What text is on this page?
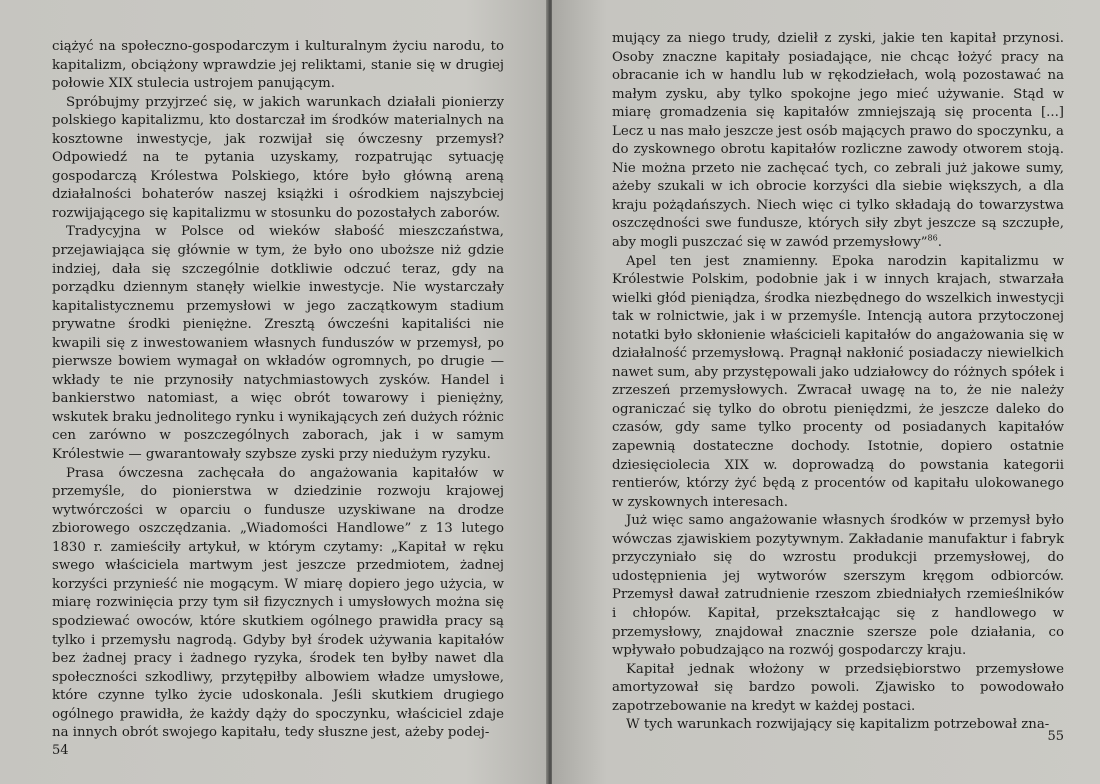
ciążyć na społeczno-gospodarczym i kulturalnym życiu narodu, to kapitalizm, obciążony wprawdzie jej reliktami, stanie się w drugiej połowie XIX stulecia ustrojem panującym.

Spróbujmy przyjrzeć się, w jakich warunkach działali pionierzy polskiego kapitalizmu, kto dostarczał im środków materialnych na kosztowne inwestycje, jak rozwijał się ówczesny przemysł? Odpowiedź na te pytania uzyskamy, rozpatrując sytuację gospodarczą Królestwa Polskiego, które było główną areną działalności bohaterów naszej książki i ośrodkiem najszybciej rozwijającego się kapitalizmu w stosunku do pozostałych zaborów.

Tradycyjna w Polsce od wieków słabość mieszczaństwa, przejawiająca się głównie w tym, że było ono uboższe niż gdzie indziej, dała się szczególnie dotkliwie odczuć teraz, gdy na porządku dziennym stanęły wielkie inwestycje. Nie wystarczały kapitalistycznemu przemysłowi w jego zaczątkowym stadium prywatne środki pieniężne. Zresztą ówcześni kapitaliści nie kwapili się z inwestowaniem własnych funduszów w przemysł, po pierwsze bowiem wymagał on wkładów ogromnych, po drugie — wkłady te nie przynosiły natychmiastowych zysków. Handel i bankierstwo natomiast, a więc obrót towarowy i pieniężny, wskutek braku jednolitego rynku i wynikających zeń dużych różnic cen zarówno w poszczególnych zaborach, jak i w samym Królestwie — gwarantowały szybsze zyski przy niedużym ryzyku.

Prasa ówczesna zachęcała do angażowania kapitałów w przemyśle, do pionierstwa w dziedzinie rozwoju krajowej wytwórczości w oparciu o fundusze uzyskiwane na drodze zbiorowego oszczędzania. „Wiadomości Handlowe” z 13 lutego 1830 r. zamieściły artykuł, w którym czytamy: „Kapitał w ręku swego właściciela martwym jest jeszcze przedmiotem, żadnej korzyści przynieść nie mogącym. W miarę dopiero jego użycia, w miarę rozwinięcia przy tym sił fizycznych i umysłowych można się spodziewać owoców, które skutkiem ogólnego prawidła pracy są tylko i przemysłu nagrodą. Gdyby był środek używania kapitałów bez żadnej pracy i żadnego ryzyka, środek ten byłby nawet dla społeczności szkodliwy, przytępiłby albowiem władze umysłowe, które czynne tylko życie udoskonala. Jeśli skutkiem drugiego ogólnego prawidła, że każdy dąży do spoczynku, właściciel zdaje na innych obrót swojego kapitału, tedy słuszne jest, ażeby podej-

54

mujący za niego trudy, dzielił z zyski, jakie ten kapitał przynosi. Osoby znaczne kapitały posiadające, nie chcąc łożyć pracy na obracanie ich w handlu lub w rękodziełach, wolą pozostawać na małym zysku, aby tylko spokojne jego mieć używanie. Stąd w miarę gromadzenia się kapitałów zmniejszają się procenta [...] Lecz u nas mało jeszcze jest osób mających prawo do spoczynku, a do zyskownego obrotu kapitałów rozliczne zawody otworem stoją. Nie można przeto nie zachęcać tych, co zebrali już jakowe sumy, ażeby szukali w ich obrocie korzyści dla siebie większych, a dla kraju pożądańszych. Niech więc ci tylko składają do towarzystwa oszczędności swe fundusze, których siły zbyt jeszcze są szczupłe, aby mogli puszczać się w zawód przemysłowy”$^{86}$.

Apel ten jest znamienny. Epoka narodzin kapitalizmu w Królestwie Polskim, podobnie jak i w innych krajach, stwarzała wielki głód pieniądza, środka niezbędnego do wszelkich inwestycji tak w rolnictwie, jak i w przemyśle. Intencją autora przytoczonej notatki było skłonienie właścicieli kapitałów do angażowania się w działalność przemysłową. Pragnął nakłonić posiadaczy niewielkich nawet sum, aby przystępowali jako udziałowcy do różnych spółek i zrzeszeń przemysłowych. Zwracał uwagę na to, że nie należy ograniczać się tylko do obrotu pieniędzmi, że jeszcze daleko do czasów, gdy same tylko procenty od posiadanych kapitałów zapewnią dostateczne dochody. Istotnie, dopiero ostatnie dziesięciolecia XIX w. doprowadzą do powstania kategorii rentierów, którzy żyć będą z procentów od kapitału ulokowanego w zyskownych interesach.

Już więc samo angażowanie własnych środków w przemysł było wówczas zjawiskiem pozytywnym. Zakładanie manufaktur i fabryk przyczyniało się do wzrostu produkcji przemysłowej, do udostępnienia jej wytworów szerszym kręgom odbiorców. Przemysł dawał zatrudnienie rzeszom zbiedniałych rzemieślników i chłopów. Kapitał, przekształcając się z handlowego w przemysłowy, znajdował znacznie szersze pole działania, co wpływało pobudzająco na rozwój gospodarczy kraju.

Kapitał jednak włożony w przedsiębiorstwo przemysłowe amortyzował się bardzo powoli. Zjawisko to powodowało zapotrzebowanie na kredyt w każdej postaci.

W tych warunkach rozwijający się kapitalizm potrzebował zna-

55
